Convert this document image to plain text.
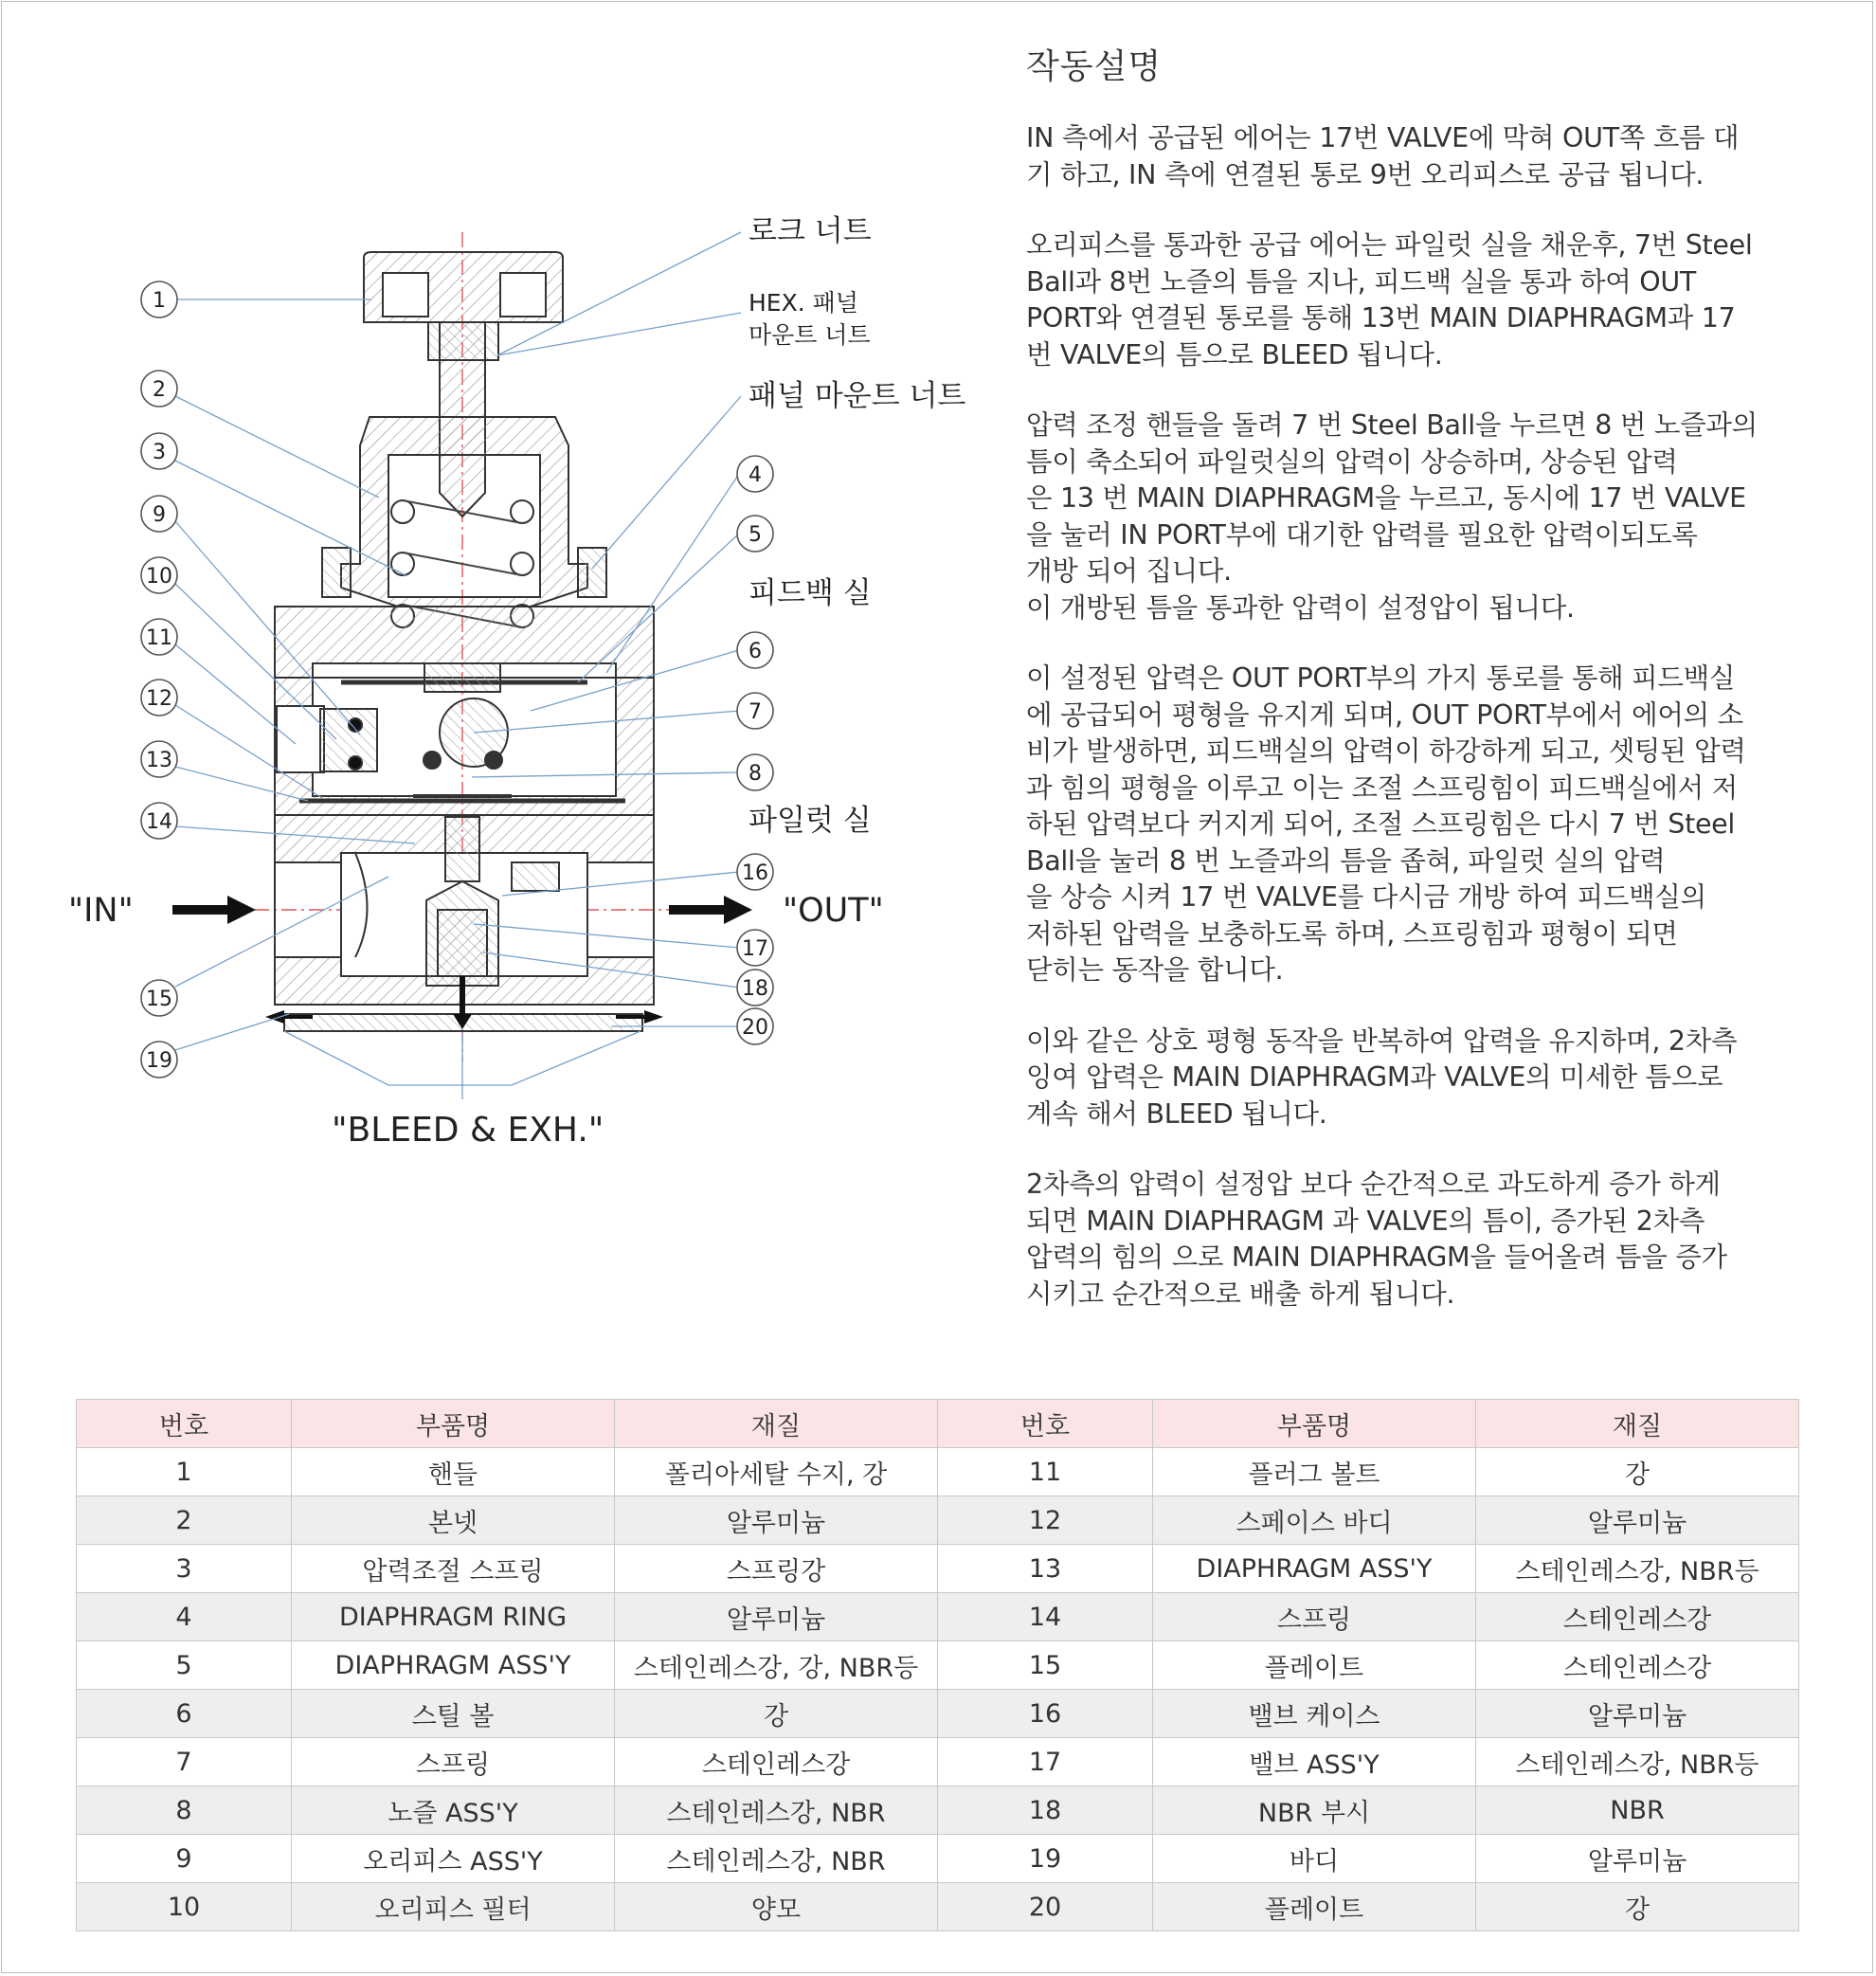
1
2
3
9
10
11
12
13
14
15
19
4
5
6
7
8
16
17
18
20
로크 너트
HEX. 패널
마운트 너트
패널 마운트 너트
피드백 실
파일럿 실
"IN"	"OUT"
"BLEED & EXH."
작동설명

IN 측에서 공급된 에어는 17번 VALVE에 막혀 OUT쪽 흐름 대
기 하고, IN 측에 연결된 통로 9번 오리피스로 공급 됩니다.

오리피스를 통과한 공급 에어는 파일럿 실을 채운후, 7번 Steel
Ball과 8번 노즐의 틈을 지나, 피드백 실을 통과 하여 OUT
PORT와 연결된 통로를 통해 13번 MAIN DIAPHRAGM과 17
번 VALVE의 틈으로 BLEED 됩니다.

압력 조정 핸들을 돌려 7 번 Steel Ball을 누르면 8 번 노즐과의
틈이 축소되어 파일럿실의 압력이 상승하며, 상승된 압력
은 13 번 MAIN DIAPHRAGM을 누르고, 동시에 17 번 VALVE
을 눌러 IN PORT부에 대기한 압력를 필요한 압력이되도록
개방 되어 집니다.
이 개방된 틈을 통과한 압력이 설정압이 됩니다.

이 설정된 압력은 OUT PORT부의 가지 통로를 통해 피드백실
에 공급되어 평형을 유지게 되며, OUT PORT부에서 에어의 소
비가 발생하면, 피드백실의 압력이 하강하게 되고, 셋팅된 압력
과 힘의 평형을 이루고 이는 조절 스프링힘이 피드백실에서 저
하된 압력보다 커지게 되어, 조절 스프링힘은 다시 7 번 Steel
Ball을 눌러 8 번 노즐과의 틈을 좁혀, 파일럿 실의 압력
을 상승 시켜 17 번 VALVE를 다시금 개방 하여 피드백실의
저하된 압력을 보충하도록 하며, 스프링힘과 평형이 되면
닫히는 동작을 합니다.

이와 같은 상호 평형 동작을 반복하여 압력을 유지하며, 2차측
잉여 압력은 MAIN DIAPHRAGM과 VALVE의 미세한 틈으로
계속 해서 BLEED 됩니다.

2차측의 압력이 설정압 보다 순간적으로 과도하게 증가 하게
되면 MAIN DIAPHRAGM 과 VALVE의 틈이, 증가된 2차측
압력의 힘의 으로 MAIN DIAPHRAGM을 들어올려 틈을 증가
시키고 순간적으로 배출 하게 됩니다.

번호	부품명	재질	번호	부품명	재질
1	핸들	폴리아세탈 수지, 강	11	플러그 볼트	강
2	본넷	알루미늄	12	스페이스 바디	알루미늄
3	압력조절 스프링	스프링강	13	DIAPHRAGM ASS'Y	스테인레스강, NBR등
4	DIAPHRAGM RING	알루미늄	14	스프링	스테인레스강
5	DIAPHRAGM ASS'Y	스테인레스강, 강, NBR등	15	플레이트	스테인레스강
6	스틸 볼	강	16	밸브 케이스	알루미늄
7	스프링	스테인레스강	17	밸브 ASS'Y	스테인레스강, NBR등
8	노즐 ASS'Y	스테인레스강, NBR	18	NBR 부시	NBR
9	오리피스 ASS'Y	스테인레스강, NBR	19	바디	알루미늄
10	오리피스 필터	양모	20	플레이트	강
